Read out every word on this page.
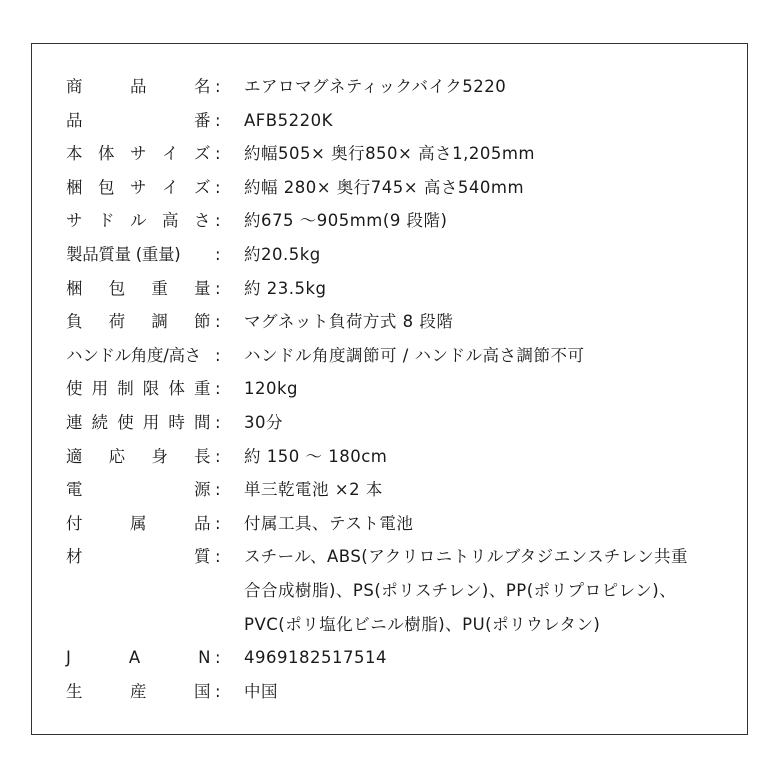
商	品	名 :	エアロマグネティックバイク5220
品	番 :	AFB5220K
本 体 サ イ ズ :	約幅505× 奥行850× 高さ1,205mm
梱 包 サ イ ズ :	約幅 280× 奥行745× 高さ540mm
サ ド ル 高 さ :	約675 ～905mm(9 段階)
製品質量 (重量) :	約20.5kg
梱 包 重 量 :	約 23.5kg
負 荷 調 節 :	マグネット負荷方式 8 段階
ハンドル角度/高さ :	ハンドル角度調節可 / ハンドル高さ調節不可
使 用 制 限 体 重 :	120kg
連 続 使 用 時 間 :	30分
適 応 身 長 :	約 150 ～ 180cm
電	源 :	単三乾電池 ×2 本
付	属	品 :	付属工具、テスト電池
材	質 :	スチール、ABS(アクリロニトリルブタジエンスチレン共重
合合成樹脂)、PS(ポリスチレン)、PP(ポリプロピレン)、
PVC(ポリ塩化ビニル樹脂)、PU(ポリウレタン)
J	A	N :	4969182517514
生	産	国 :	中国
